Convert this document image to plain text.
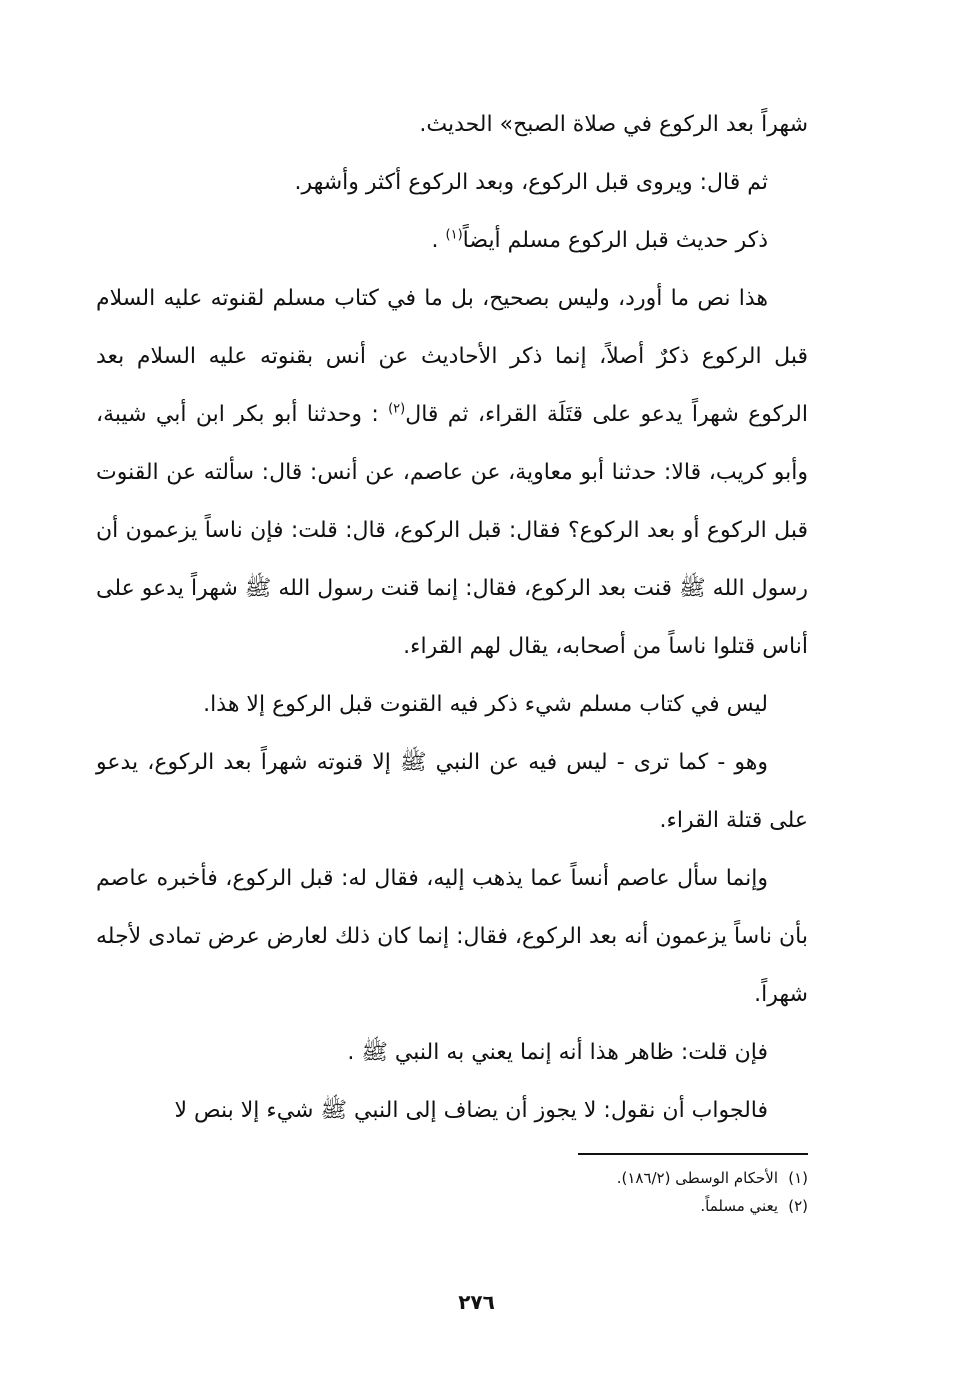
شهراً بعد الركوع في صلاة الصبح» الحديث.

ثم قال: ويروى قبل الركوع، وبعد الركوع أكثر وأشهر.

ذكر حديث قبل الركوع مسلم أيضاً$^{(١)}$ .

هذا نص ما أورد، وليس بصحيح، بل ما في كتاب مسلم لقنوته عليه السلام قبل الركوع ذكرٌ أصلاً، إنما ذكر الأحاديث عن أنس بقنوته عليه السلام بعد الركوع شهراً يدعو على قتَلَة القراء، ثم قال$^{(٢)}$ : وحدثنا أبو بكر ابن أبي شيبة، وأبو كريب، قالا: حدثنا أبو معاوية، عن عاصم، عن أنس: قال: سألته عن القنوت قبل الركوع أو بعد الركوع؟ فقال: قبل الركوع، قال: قلت: فإن ناساً يزعمون أن رسول الله ﷺ قنت بعد الركوع، فقال: إنما قنت رسول الله ﷺ شهراً يدعو على أناس قتلوا ناساً من أصحابه، يقال لهم القراء.

ليس في كتاب مسلم شيء ذكر فيه القنوت قبل الركوع إلا هذا.

وهو - كما ترى - ليس فيه عن النبي ﷺ إلا قنوته شهراً بعد الركوع، يدعو على قتلة القراء.

وإنما سأل عاصم أنساً عما يذهب إليه، فقال له: قبل الركوع، فأخبره عاصم بأن ناساً يزعمون أنه بعد الركوع، فقال: إنما كان ذلك لعارض عرض تمادى لأجله شهراً.

فإن قلت: ظاهر هذا أنه إنما يعني به النبي ﷺ .

فالجواب أن نقول: لا يجوز أن يضاف إلى النبي ﷺ شيء إلا بنص لا

(١)الأحكام الوسطى (١٨٦/٢).

(٢)يعني مسلماً.

٢٧٦
